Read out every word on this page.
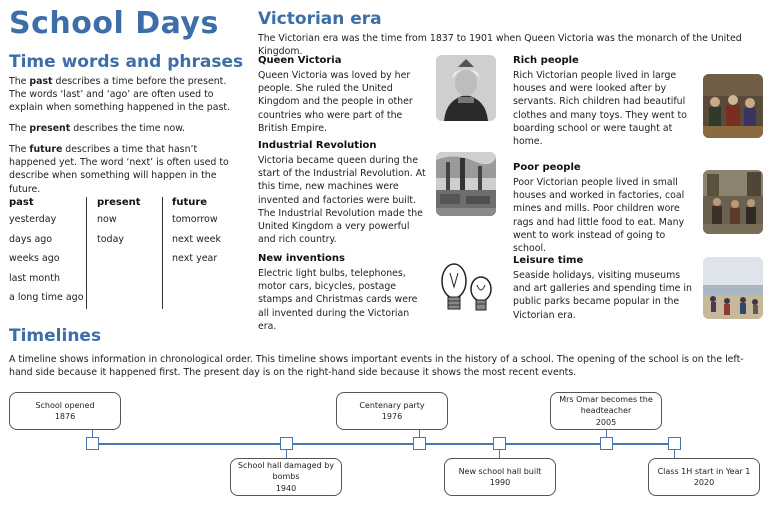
School Days
Time words and phrases
The past describes a time before the present. The words ‘last’ and ‘ago’ are often used to explain when something happened in the past.
The present describes the time now.
The future describes a time that hasn’t happened yet. The word ‘next’ is often used to describe when something will happen in the future.
past
yesterday
days ago
weeks ago
last month
a long time ago
present
now
today
future
tomorrow
next week
next year
Victorian era
The Victorian era was the time from 1837 to 1901 when Queen Victoria was the monarch of the United Kingdom.
Queen Victoria
Queen Victoria was loved by her people. She ruled the United Kingdom and the people in other countries who were part of the British Empire.
Industrial Revolution
Victoria became queen during the start of the Industrial Revolution. At this time, new machines were invented and factories were built. The Industrial Revolution made the United Kingdom a very powerful and rich country.
New inventions
Electric light bulbs, telephones, motor cars, bicycles, postage stamps and Christmas cards were all invented during the Victorian era.
Rich people
Rich Victorian people lived in large houses and were looked after by servants. Rich children had beautiful clothes and many toys. They went to boarding school or were taught at home.
Poor people
Poor Victorian people lived in small houses and worked in factories, coal mines and mills. Poor children wore rags and had little food to eat. Many went to work instead of going to school.
Leisure time
Seaside holidays, visiting museums and art galleries and spending time in public parks became popular in the Victorian era.
Timelines
A timeline shows information in chronological order. This timeline shows important events in the history of a school. The opening of the school is on the left-hand side because it happened first. The present day is on the right-hand side because it shows the most recent events.
School opened
1876
School hall damaged by bombs
1940
Centenary party
1976
New school hall built
1990
Mrs Omar becomes the headteacher
2005
Class 1H start in Year 1
2020
